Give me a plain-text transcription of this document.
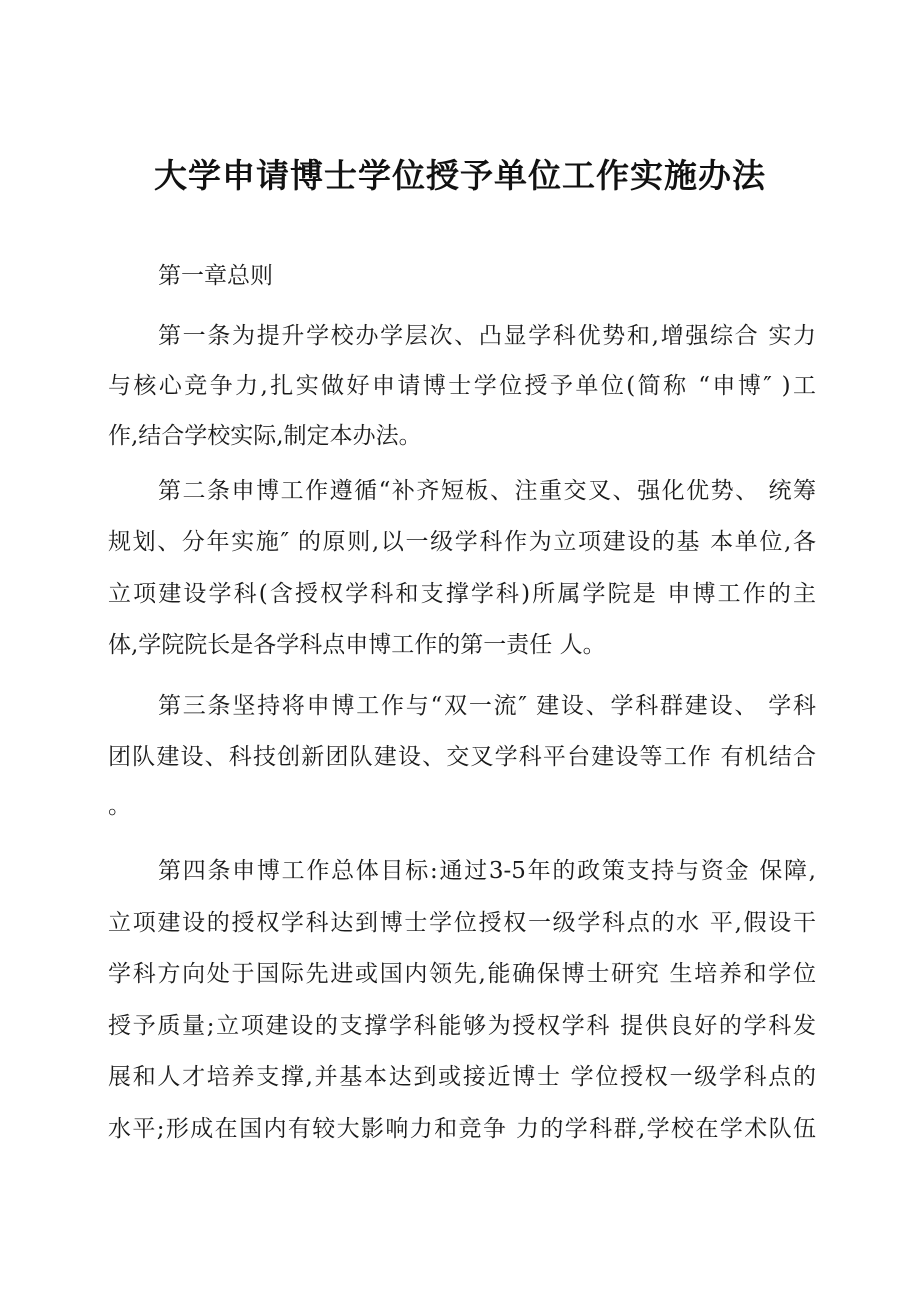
大学申请博士学位授予单位工作实施办法
第一章总则
第一条为提升学校办学层次、凸显学科优势和,增强综合 实力
与核心竞争力,扎实做好申请博士学位授予单位(简称 “申博″ )工
作,结合学校实际,制定本办法。
第二条申博工作遵循“补齐短板、注重交叉、强化优势、 统筹
规划、分年实施″ 的原则,以一级学科作为立项建设的基 本单位,各
立项建设学科(含授权学科和支撑学科)所属学院是 申博工作的主
体,学院院长是各学科点申博工作的第一责任 人。
第三条坚持将申博工作与“双一流″ 建设、学科群建设、 学科
团队建设、科技创新团队建设、交叉学科平台建设等工作 有机结合
。
第四条申博工作总体目标:通过3-5年的政策支持与资金 保障,
立项建设的授权学科达到博士学位授权一级学科点的水 平,假设干
学科方向处于国际先进或国内领先,能确保博士研究 生培养和学位
授予质量;立项建设的支撑学科能够为授权学科 提供良好的学科发
展和人才培养支撑,并基本达到或接近博士 学位授权一级学科点的
水平;形成在国内有较大影响力和竞争 力的学科群,学校在学术队伍
